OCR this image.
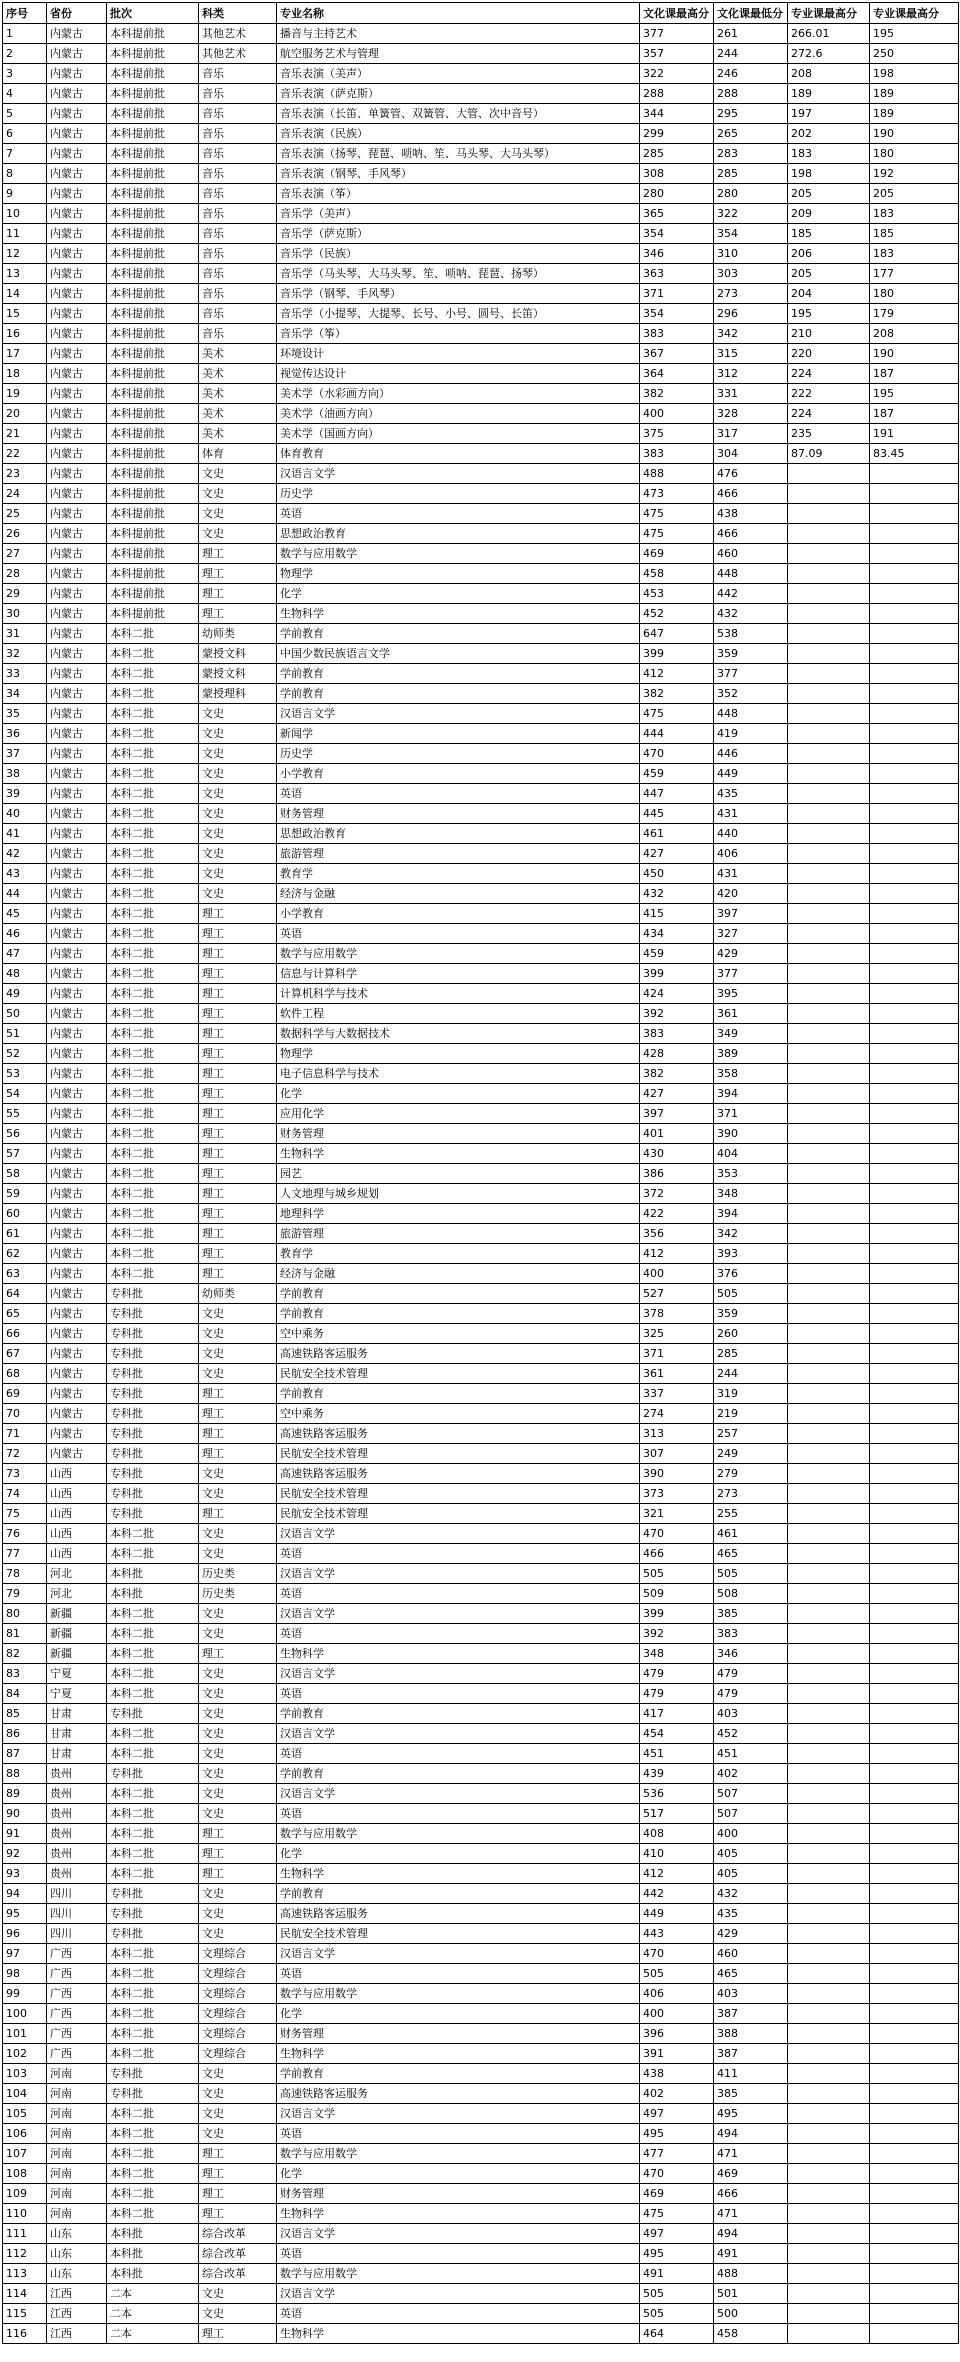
序号	省份	批次	科类	专业名称	文化课最高分	文化课最低分	专业课最高分	专业课最高分
1	内蒙古	本科提前批	其他艺术	播音与主持艺术	377	261	266.01	195
2	内蒙古	本科提前批	其他艺术	航空服务艺术与管理	357	244	272.6	250
3	内蒙古	本科提前批	音乐	音乐表演（美声）	322	246	208	198
4	内蒙古	本科提前批	音乐	音乐表演（萨克斯）	288	288	189	189
5	内蒙古	本科提前批	音乐	音乐表演（长笛、单簧管、双簧管、大管、次中音号）	344	295	197	189
6	内蒙古	本科提前批	音乐	音乐表演（民族）	299	265	202	190
7	内蒙古	本科提前批	音乐	音乐表演（扬琴、琵琶、唢呐、笙、马头琴、大马头琴）	285	283	183	180
8	内蒙古	本科提前批	音乐	音乐表演（钢琴、手风琴）	308	285	198	192
9	内蒙古	本科提前批	音乐	音乐表演（筝）	280	280	205	205
10	内蒙古	本科提前批	音乐	音乐学（美声）	365	322	209	183
11	内蒙古	本科提前批	音乐	音乐学（萨克斯）	354	354	185	185
12	内蒙古	本科提前批	音乐	音乐学（民族）	346	310	206	183
13	内蒙古	本科提前批	音乐	音乐学（马头琴、大马头琴、笙、唢呐、琵琶、扬琴）	363	303	205	177
14	内蒙古	本科提前批	音乐	音乐学（钢琴、手风琴）	371	273	204	180
15	内蒙古	本科提前批	音乐	音乐学（小提琴、大提琴、长号、小号、圆号、长笛）	354	296	195	179
16	内蒙古	本科提前批	音乐	音乐学（筝）	383	342	210	208
17	内蒙古	本科提前批	美术	环境设计	367	315	220	190
18	内蒙古	本科提前批	美术	视觉传达设计	364	312	224	187
19	内蒙古	本科提前批	美术	美术学（水彩画方向）	382	331	222	195
20	内蒙古	本科提前批	美术	美术学（油画方向）	400	328	224	187
21	内蒙古	本科提前批	美术	美术学（国画方向）	375	317	235	191
22	内蒙古	本科提前批	体育	体育教育	383	304	87.09	83.45
23	内蒙古	本科提前批	文史	汉语言文学	488	476		
24	内蒙古	本科提前批	文史	历史学	473	466		
25	内蒙古	本科提前批	文史	英语	475	438		
26	内蒙古	本科提前批	文史	思想政治教育	475	466		
27	内蒙古	本科提前批	理工	数学与应用数学	469	460		
28	内蒙古	本科提前批	理工	物理学	458	448		
29	内蒙古	本科提前批	理工	化学	453	442		
30	内蒙古	本科提前批	理工	生物科学	452	432		
31	内蒙古	本科二批	幼师类	学前教育	647	538		
32	内蒙古	本科二批	蒙授文科	中国少数民族语言文学	399	359		
33	内蒙古	本科二批	蒙授文科	学前教育	412	377		
34	内蒙古	本科二批	蒙授理科	学前教育	382	352		
35	内蒙古	本科二批	文史	汉语言文学	475	448		
36	内蒙古	本科二批	文史	新闻学	444	419		
37	内蒙古	本科二批	文史	历史学	470	446		
38	内蒙古	本科二批	文史	小学教育	459	449		
39	内蒙古	本科二批	文史	英语	447	435		
40	内蒙古	本科二批	文史	财务管理	445	431		
41	内蒙古	本科二批	文史	思想政治教育	461	440		
42	内蒙古	本科二批	文史	旅游管理	427	406		
43	内蒙古	本科二批	文史	教育学	450	431		
44	内蒙古	本科二批	文史	经济与金融	432	420		
45	内蒙古	本科二批	理工	小学教育	415	397		
46	内蒙古	本科二批	理工	英语	434	327		
47	内蒙古	本科二批	理工	数学与应用数学	459	429		
48	内蒙古	本科二批	理工	信息与计算科学	399	377		
49	内蒙古	本科二批	理工	计算机科学与技术	424	395		
50	内蒙古	本科二批	理工	软件工程	392	361		
51	内蒙古	本科二批	理工	数据科学与大数据技术	383	349		
52	内蒙古	本科二批	理工	物理学	428	389		
53	内蒙古	本科二批	理工	电子信息科学与技术	382	358		
54	内蒙古	本科二批	理工	化学	427	394		
55	内蒙古	本科二批	理工	应用化学	397	371		
56	内蒙古	本科二批	理工	财务管理	401	390		
57	内蒙古	本科二批	理工	生物科学	430	404		
58	内蒙古	本科二批	理工	园艺	386	353		
59	内蒙古	本科二批	理工	人文地理与城乡规划	372	348		
60	内蒙古	本科二批	理工	地理科学	422	394		
61	内蒙古	本科二批	理工	旅游管理	356	342		
62	内蒙古	本科二批	理工	教育学	412	393		
63	内蒙古	本科二批	理工	经济与金融	400	376		
64	内蒙古	专科批	幼师类	学前教育	527	505		
65	内蒙古	专科批	文史	学前教育	378	359		
66	内蒙古	专科批	文史	空中乘务	325	260		
67	内蒙古	专科批	文史	高速铁路客运服务	371	285		
68	内蒙古	专科批	文史	民航安全技术管理	361	244		
69	内蒙古	专科批	理工	学前教育	337	319		
70	内蒙古	专科批	理工	空中乘务	274	219		
71	内蒙古	专科批	理工	高速铁路客运服务	313	257		
72	内蒙古	专科批	理工	民航安全技术管理	307	249		
73	山西	专科批	文史	高速铁路客运服务	390	279		
74	山西	专科批	文史	民航安全技术管理	373	273		
75	山西	专科批	理工	民航安全技术管理	321	255		
76	山西	本科二批	文史	汉语言文学	470	461		
77	山西	本科二批	文史	英语	466	465		
78	河北	本科批	历史类	汉语言文学	505	505		
79	河北	本科批	历史类	英语	509	508		
80	新疆	本科二批	文史	汉语言文学	399	385		
81	新疆	本科二批	文史	英语	392	383		
82	新疆	本科二批	理工	生物科学	348	346		
83	宁夏	本科二批	文史	汉语言文学	479	479		
84	宁夏	本科二批	文史	英语	479	479		
85	甘肃	专科批	文史	学前教育	417	403		
86	甘肃	本科二批	文史	汉语言文学	454	452		
87	甘肃	本科二批	文史	英语	451	451		
88	贵州	专科批	文史	学前教育	439	402		
89	贵州	本科二批	文史	汉语言文学	536	507		
90	贵州	本科二批	文史	英语	517	507		
91	贵州	本科二批	理工	数学与应用数学	408	400		
92	贵州	本科二批	理工	化学	410	405		
93	贵州	本科二批	理工	生物科学	412	405		
94	四川	专科批	文史	学前教育	442	432		
95	四川	专科批	文史	高速铁路客运服务	449	435		
96	四川	专科批	文史	民航安全技术管理	443	429		
97	广西	本科二批	文理综合	汉语言文学	470	460		
98	广西	本科二批	文理综合	英语	505	465		
99	广西	本科二批	文理综合	数学与应用数学	406	403		
100	广西	本科二批	文理综合	化学	400	387		
101	广西	本科二批	文理综合	财务管理	396	388		
102	广西	本科二批	文理综合	生物科学	391	387		
103	河南	专科批	文史	学前教育	438	411		
104	河南	专科批	文史	高速铁路客运服务	402	385		
105	河南	本科二批	文史	汉语言文学	497	495		
106	河南	本科二批	文史	英语	495	494		
107	河南	本科二批	理工	数学与应用数学	477	471		
108	河南	本科二批	理工	化学	470	469		
109	河南	本科二批	理工	财务管理	469	466		
110	河南	本科二批	理工	生物科学	475	471		
111	山东	本科批	综合改革	汉语言文学	497	494		
112	山东	本科批	综合改革	英语	495	491		
113	山东	本科批	综合改革	数学与应用数学	491	488		
114	江西	二本	文史	汉语言文学	505	501		
115	江西	二本	文史	英语	505	500		
116	江西	二本	理工	生物科学	464	458		
